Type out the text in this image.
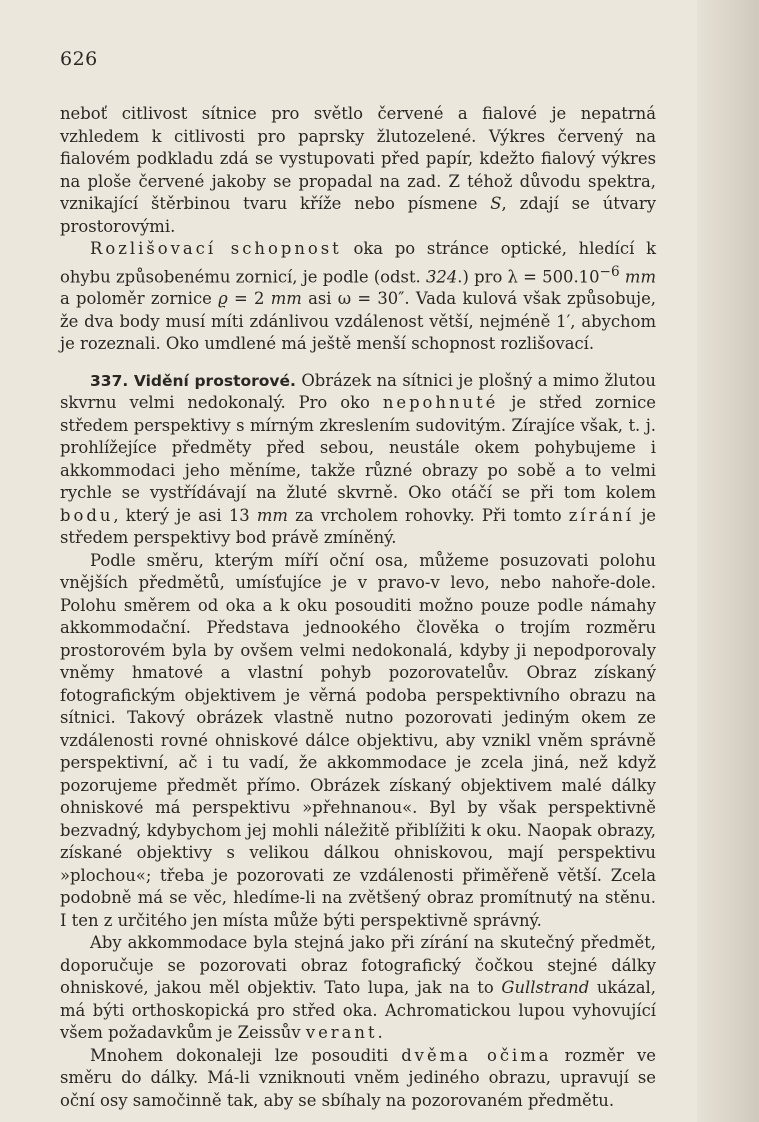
626

neboť citlivost sítnice pro světlo červené a fialové je nepatrná vzhledem k citlivosti pro paprsky žlutozelené. Výkres červený na fialovém podkladu zdá se vystupovati před papír, kdežto fialový výkres na ploše červené jakoby se propadal na zad. Z téhož důvodu spektra, vznikající štěrbinou tvaru kříže nebo písmene S, zdají se útvary prostorovými.

Rozlišovací schopnost oka po stránce optické, hledící k ohybu způsobenému zornicí, je podle (odst. 324.) pro $\lambda = 500.10^{-6}$ mm a poloměr zornice ϱ = 2 mm asi ω = 30″. Vada kulová však způsobuje, že dva body musí míti zdánlivou vzdálenost větší, nejméně 1′, abychom je rozeznali. Oko umdlené má ještě menší schopnost rozlišovací.

337. Vidění prostorové. Obrázek na sítnici je plošný a mimo žlutou skvrnu velmi nedokonalý. Pro oko nepohnuté je střed zornice středem perspektivy s mírným zkreslením sudovitým. Zírajíce však, t. j. prohlížejíce předměty před sebou, neustále okem pohybujeme i akkommodaci jeho měníme, takže různé obrazy po sobě a to velmi rychle se vystřídávají na žluté skvrně. Oko otáčí se při tom kolem bodu, který je asi 13 mm za vrcholem rohovky. Při tomto zírání je středem perspektivy bod právě zmíněný.

Podle směru, kterým míří oční osa, můžeme posuzovati polohu vnějších předmětů, umísťujíce je v pravo-v levo, nebo nahoře-dole. Polohu směrem od oka a k oku posouditi možno pouze podle námahy akkommodační. Představa jednookého člověka o trojím rozměru prostorovém byla by ovšem velmi nedokonalá, kdyby ji nepodporovaly vněmy hmatové a vlastní pohyb pozorovatelův. Obraz získaný fotografickým objektivem je věrná podoba perspektivního obrazu na sítnici. Takový obrázek vlastně nutno pozorovati jediným okem ze vzdálenosti rovné ohniskové dálce objektivu, aby vznikl vněm správně perspektivní, ač i tu vadí, že akkommodace je zcela jiná, než když pozorujeme předmět přímo. Obrázek získaný objektivem malé dálky ohniskové má perspektivu »přehnanou«. Byl by však perspektivně bezvadný, kdybychom jej mohli náležitě přiblížiti k oku. Naopak obrazy, získané objektivy s velikou dálkou ohniskovou, mají perspektivu »plochou«; třeba je pozorovati ze vzdálenosti přiměřeně větší. Zcela podobně má se věc, hledíme-li na zvětšený obraz promítnutý na stěnu. I ten z určitého jen místa může býti perspektivně správný.

Aby akkommodace byla stejná jako při zírání na skutečný předmět, doporučuje se pozorovati obraz fotografický čočkou stejné dálky ohniskové, jakou měl objektiv. Tato lupa, jak na to Gullstrand ukázal, má býti orthoskopická pro střed oka. Achromatickou lupou vyhovující všem požadavkům je Zeissův verant.

Mnohem dokonaleji lze posouditi dvěma očima rozměr ve směru do dálky. Má-li vzniknouti vněm jediného obrazu, upravují se oční osy samočinně tak, aby se sbíhaly na pozorovaném předmětu.
